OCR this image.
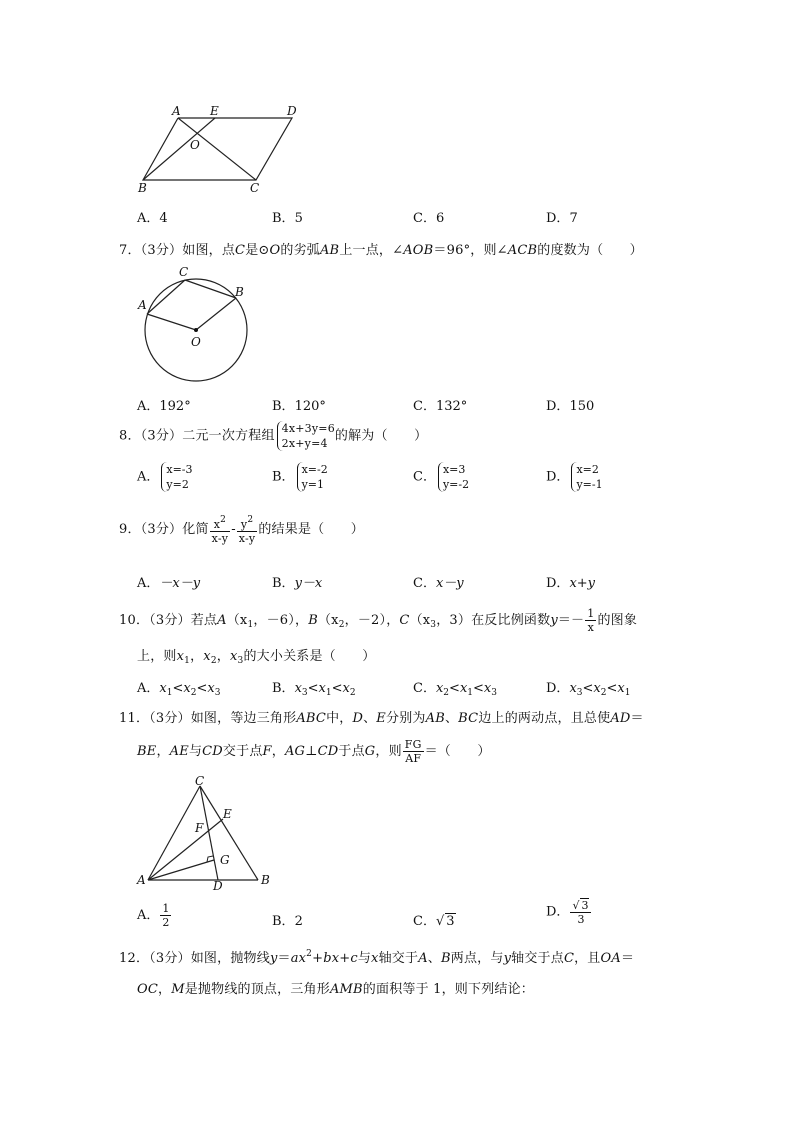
A E	D
O
B	C
A．4	B．5	C．6	D．7
7．（3分）如图，点C是⊙O的劣弧AB上一点，∠AOB＝96°，则∠ACB的度数为（　　）
C
A
B
O
A．192°	B．120°	C．132°	D．150
8．（3分）二元一次方程组 4x+3y=6
2x+y=4 的解为（　　）
A． x=-3
y=2	B． x=-2
y=1	C． x=3
y=-2	D． x=2
y=-1
9．（3分）化简 $\frac{x^2}{x-y} - \frac{y^2}{x-y}$ 的结果是（　　）
A．－x－y	B．y－x	C．x－y	D．x+y
10．（3分）若点$A(x_1$，－6），$B(x_2$，－2），$C(x_3$，3）在反比例函数$y=- \frac{1}{x}$ 的图象
上，则$x_1$，$x_2$，$x_3$的大小关系是（　　）
A．$x_1<x_2<x_3$	B．$x_3<x_1<x_2$	C．$x_2<x_1<x_3$	D．$x_3<x_2<x_1$
11．（3分）如图，等边三角形ABC中，D、E分别为AB、BC边上的两动点，且总使AD＝
BE，AE与CD交于点F，AG⊥CD于点G，则 $\frac{FG}{AF}$ ＝（　　）
C
E
F
G
A	D	B
A． $\frac{1}{2}$	B．2	C．√ 3
D． $\frac{√ 3}{3}$
12．（3分）如图，抛物线$y=ax^2+bx+c$与x轴交于A、B两点，与y轴交于点C，且OA＝
OC，M是抛物线的顶点，三角形AMB的面积等于 1，则下列结论：
